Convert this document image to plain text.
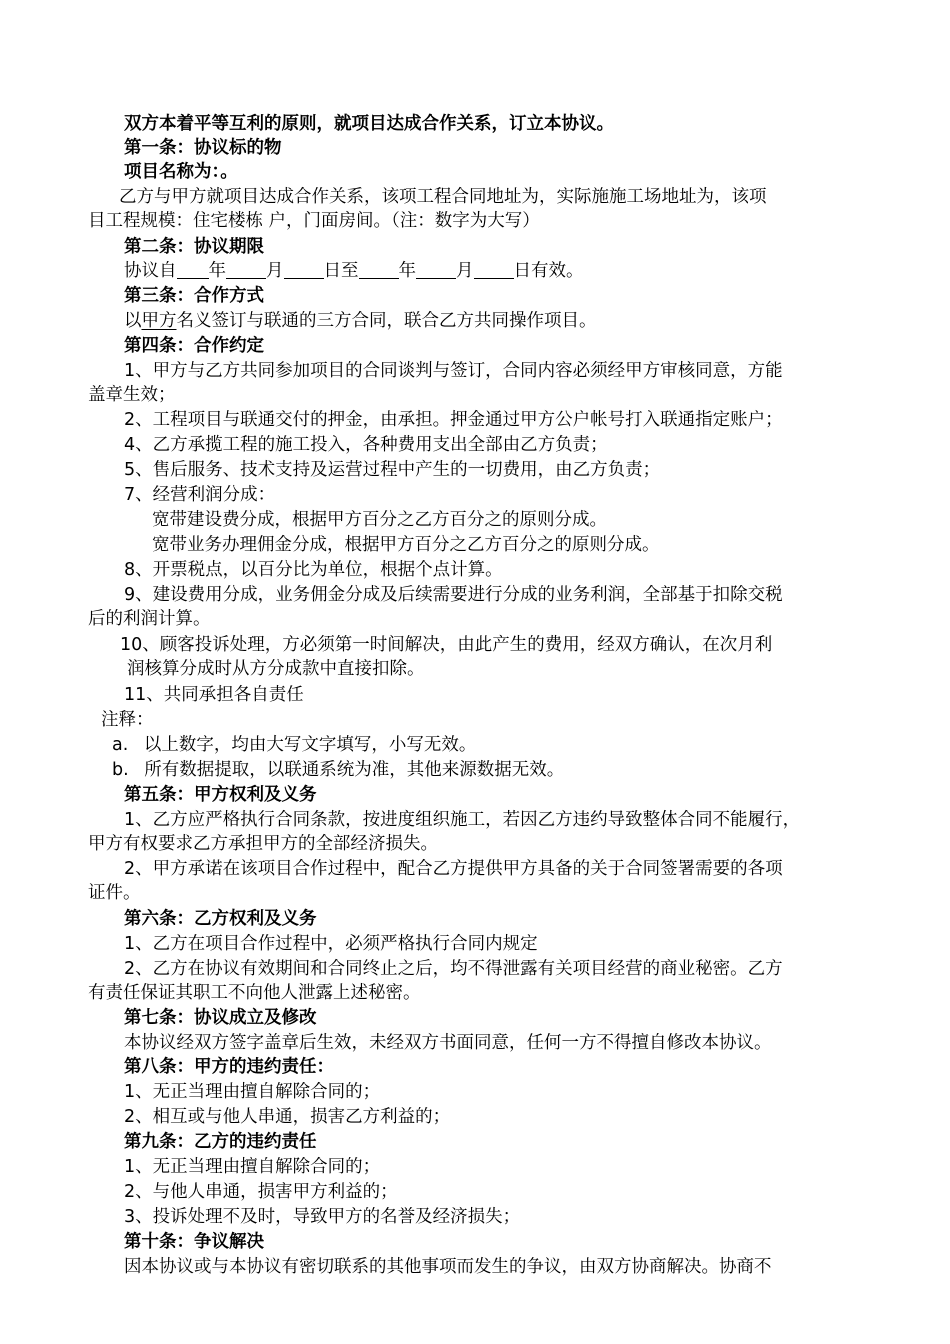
双方本着平等互利的原则，就项目达成合作关系，订立本协议。
第一条：协议标的物
项目名称为：。
乙方与甲方就项目达成合作关系，该项工程合同地址为，实际施施工场地址为，该项
目工程规模：住宅楼栋 户，门面房间。（注：数字为大写）
第二条：协议期限
协议自 年 月 日至 年 月 日有效。
第三条：合作方式
以甲方名义签订与联通的三方合同，联合乙方共同操作项目。
第四条：合作约定
1、甲方与乙方共同参加项目的合同谈判与签订，合同内容必须经甲方审核同意，方能
盖章生效；
2、工程项目与联通交付的押金，由承担。押金通过甲方公户帐号打入联通指定账户；
4、乙方承揽工程的施工投入，各种费用支出全部由乙方负责；
5、售后服务、技术支持及运营过程中产生的一切费用，由乙方负责；
7、经营利润分成：
宽带建设费分成，根据甲方百分之乙方百分之的原则分成。
宽带业务办理佣金分成，根据甲方百分之乙方百分之的原则分成。
8、开票税点，以百分比为单位，根据个点计算。
9、建设费用分成，业务佣金分成及后续需要进行分成的业务利润，全部基于扣除交税
后的利润计算。
10、顾客投诉处理，方必须第一时间解决，由此产生的费用，经双方确认，在次月利
润核算分成时从方分成款中直接扣除。
11、共同承担各自责任
注释：
a. 以上数字，均由大写文字填写，小写无效。
b. 所有数据提取，以联通系统为准，其他来源数据无效。
第五条：甲方权利及义务
1、乙方应严格执行合同条款，按进度组织施工，若因乙方违约导致整体合同不能履行，
甲方有权要求乙方承担甲方的全部经济损失。
2、甲方承诺在该项目合作过程中，配合乙方提供甲方具备的关于合同签署需要的各项
证件。
第六条：乙方权利及义务
1、乙方在项目合作过程中，必须严格执行合同内规定
2、乙方在协议有效期间和合同终止之后，均不得泄露有关项目经营的商业秘密。乙方
有责任保证其职工不向他人泄露上述秘密。
第七条：协议成立及修改
本协议经双方签字盖章后生效，未经双方书面同意，任何一方不得擅自修改本协议。
第八条：甲方的违约责任：
1、无正当理由擅自解除合同的；
2、相互或与他人串通，损害乙方利益的；
第九条：乙方的违约责任
1、无正当理由擅自解除合同的；
2、与他人串通，损害甲方利益的；
3、投诉处理不及时，导致甲方的名誉及经济损失；
第十条：争议解决
因本协议或与本协议有密切联系的其他事项而发生的争议，由双方协商解决。协商不
